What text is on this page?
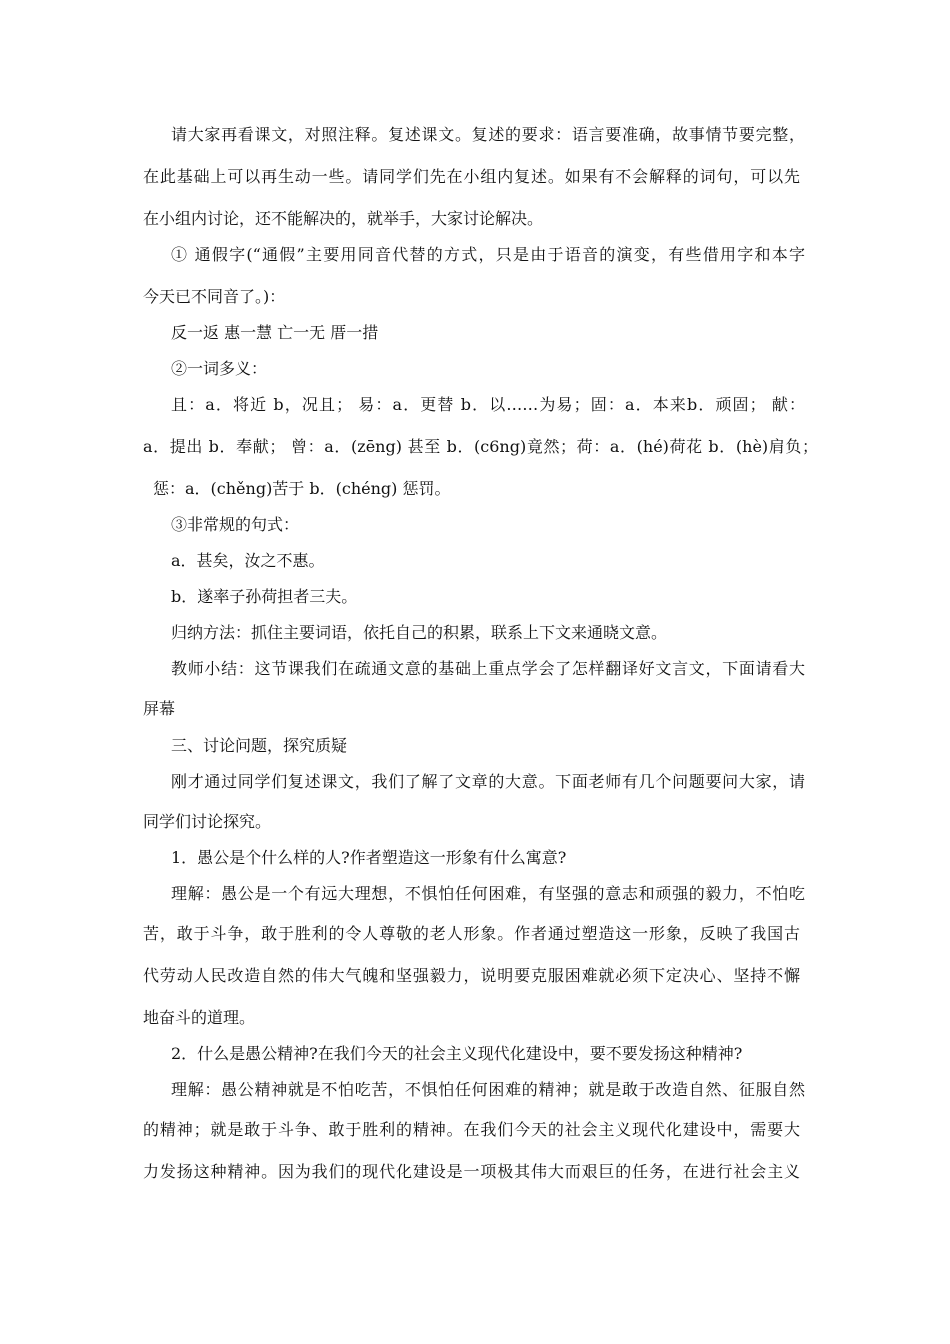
请大家再看课文，对照注释。复述课文。复述的要求：语言要准确，故事情节要完整，
在此基础上可以再生动一些。请同学们先在小组内复述。如果有不会解释的词句，可以先
在小组内讨论，还不能解决的，就举手，大家讨论解决。
① 通假字(“通假”主要用同音代替的方式，只是由于语音的演变，有些借用字和本字
今天已不同音了。)：
反一返 惠一慧 亡一无 厝一措
②一词多义：
且：a．将近 b，况且； 易：a．更替 b．以……为易；固：a．本来b．顽固； 献：
a．提出 b．奉献； 曾：a．(zēng) 甚至 b．(c6ng)竟然；荷：a．(hé)荷花 b．(hè)肩负；
惩：a．(chěng)苦于 b．(chéng) 惩罚。
③非常规的句式：
a．甚矣，汝之不惠。
b．遂率子孙荷担者三夫。
归纳方法：抓住主要词语，依托自己的积累，联系上下文来通晓文意。
教师小结：这节课我们在疏通文意的基础上重点学会了怎样翻译好文言文，下面请看大
屏幕
三、讨论问题，探究质疑
刚才通过同学们复述课文，我们了解了文章的大意。下面老师有几个问题要问大家，请
同学们讨论探究。
1．愚公是个什么样的人?作者塑造这一形象有什么寓意?
理解：愚公是一个有远大理想，不惧怕任何困难，有坚强的意志和顽强的毅力，不怕吃
苦，敢于斗争，敢于胜利的令人尊敬的老人形象。作者通过塑造这一形象，反映了我国古
代劳动人民改造自然的伟大气魄和坚强毅力，说明要克服困难就必须下定决心、坚持不懈
地奋斗的道理。
2．什么是愚公精神?在我们今天的社会主义现代化建设中，要不要发扬这种精神?
理解：愚公精神就是不怕吃苦，不惧怕任何困难的精神；就是敢于改造自然、征服自然
的精神；就是敢于斗争、敢于胜利的精神。在我们今天的社会主义现代化建设中，需要大
力发扬这种精神。因为我们的现代化建设是一项极其伟大而艰巨的任务，在进行社会主义
